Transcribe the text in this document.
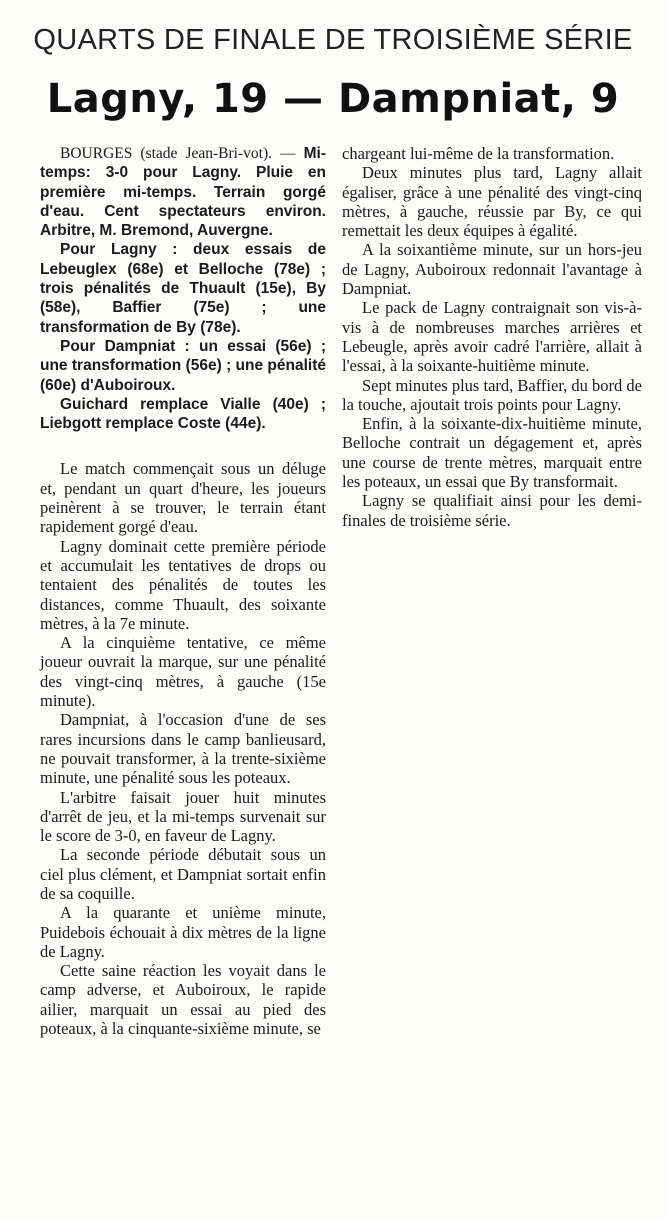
QUARTS DE FINALE DE TROISIÈME SÉRIE
Lagny, 19 — Dampniat, 9

BOURGES (stade Jean-Bri-vot). — Mi-temps: 3-0 pour Lagny. Pluie en première mi-temps. Terrain gorgé d'eau. Cent spectateurs environ. Arbitre, M. Bremond, Auvergne.

Pour Lagny : deux essais de Lebeuglex (68e) et Belloche (78e) ; trois pénalités de Thuault (15e), By (58e), Baffier (75e) ; une transformation de By (78e).

Pour Dampniat : un essai (56e) ; une transformation (56e) ; une pénalité (60e) d'Auboiroux.

Guichard remplace Vialle (40e) ; Liebgott remplace Coste (44e).

Le match commençait sous un déluge et, pendant un quart d'heure, les joueurs peinèrent à se trouver, le terrain étant rapidement gorgé d'eau.

Lagny dominait cette première période et accumulait les tentatives de drops ou tentaient des pénalités de toutes les distances, comme Thuault, des soixante mètres, à la 7e minute.

A la cinquième tentative, ce même joueur ouvrait la marque, sur une pénalité des vingt-cinq mètres, à gauche (15e minute).

Dampniat, à l'occasion d'une de ses rares incursions dans le camp banlieusard, ne pouvait transformer, à la trente-sixième minute, une pénalité sous les poteaux.

L'arbitre faisait jouer huit minutes d'arrêt de jeu, et la mi-temps survenait sur le score de 3-0, en faveur de Lagny.

La seconde période débutait sous un ciel plus clément, et Dampniat sortait enfin de sa coquille.

A la quarante et unième minute, Puidebois échouait à dix mètres de la ligne de Lagny.

Cette saine réaction les voyait dans le camp adverse, et Auboiroux, le rapide ailier, marquait un essai au pied des poteaux, à la cinquante-sixième minute, se

chargeant lui-même de la transformation.

Deux minutes plus tard, Lagny allait égaliser, grâce à une pénalité des vingt-cinq mètres, à gauche, réussie par By, ce qui remettait les deux équipes à égalité.

A la soixantième minute, sur un hors-jeu de Lagny, Auboiroux redonnait l'avantage à Dampniat.

Le pack de Lagny contraignait son vis-à-vis à de nombreuses marches arrières et Lebeugle, après avoir cadré l'arrière, allait à l'essai, à la soixante-huitième minute.

Sept minutes plus tard, Baffier, du bord de la touche, ajoutait trois points pour Lagny.

Enfin, à la soixante-dix-huitième minute, Belloche contrait un dégagement et, après une course de trente mètres, marquait entre les poteaux, un essai que By transformait.

Lagny se qualifiait ainsi pour les demi-finales de troisième série.
